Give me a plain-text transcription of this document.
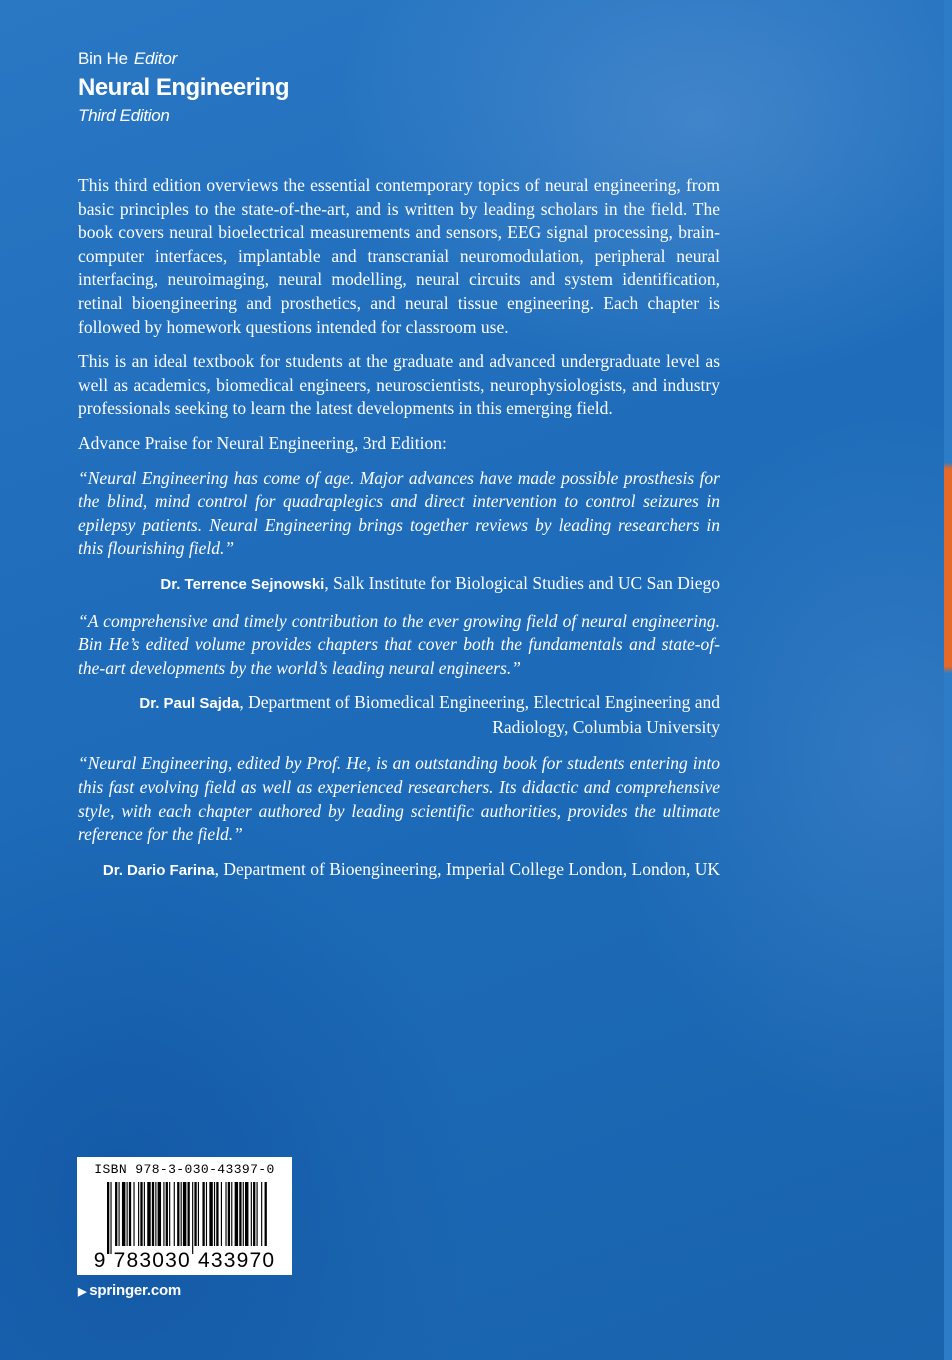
Bin He Editor
Neural Engineering
Third Edition

This third edition overviews the essential contemporary topics of neural engineering, from basic principles to the state-of-the-art, and is written by leading scholars in the field. The book covers neural bioelectrical measurements and sensors, EEG signal processing, brain-computer interfaces, implantable and transcranial neuromodulation, peripheral neural interfacing, neuroimaging, neural modelling, neural circuits and system identification, retinal bioengineering and prosthetics, and neural tissue engineering. Each chapter is followed by homework questions intended for classroom use.

This is an ideal textbook for students at the graduate and advanced undergraduate level as well as academics, biomedical engineers, neuroscientists, neurophysiologists, and industry professionals seeking to learn the latest developments in this emerging field.

Advance Praise for Neural Engineering, 3rd Edition:

“Neural Engineering has come of age. Major advances have made possible prosthesis for the blind, mind control for quadraplegics and direct intervention to control seizures in epilepsy patients. Neural Engineering brings together reviews by leading researchers in this flourishing field.”

Dr. Terrence Sejnowski, Salk Institute for Biological Studies and UC San Diego

“A comprehensive and timely contribution to the ever growing field of neural engineering. Bin He’s edited volume provides chapters that cover both the fundamentals and state-of-the-art developments by the world’s leading neural engineers.”

Dr. Paul Sajda, Department of Biomedical Engineering, Electrical Engineering and Radiology, Columbia University

“Neural Engineering, edited by Prof. He, is an outstanding book for students entering into this fast evolving field as well as experienced researchers. Its didactic and comprehensive style, with each chapter authored by leading scientific authorities, provides the ultimate reference for the field.”

Dr. Dario Farina, Department of Bioengineering, Imperial College London, London, UK

ISBN 978-3-030-43397-0
9 783030 433970
▶ springer.com
